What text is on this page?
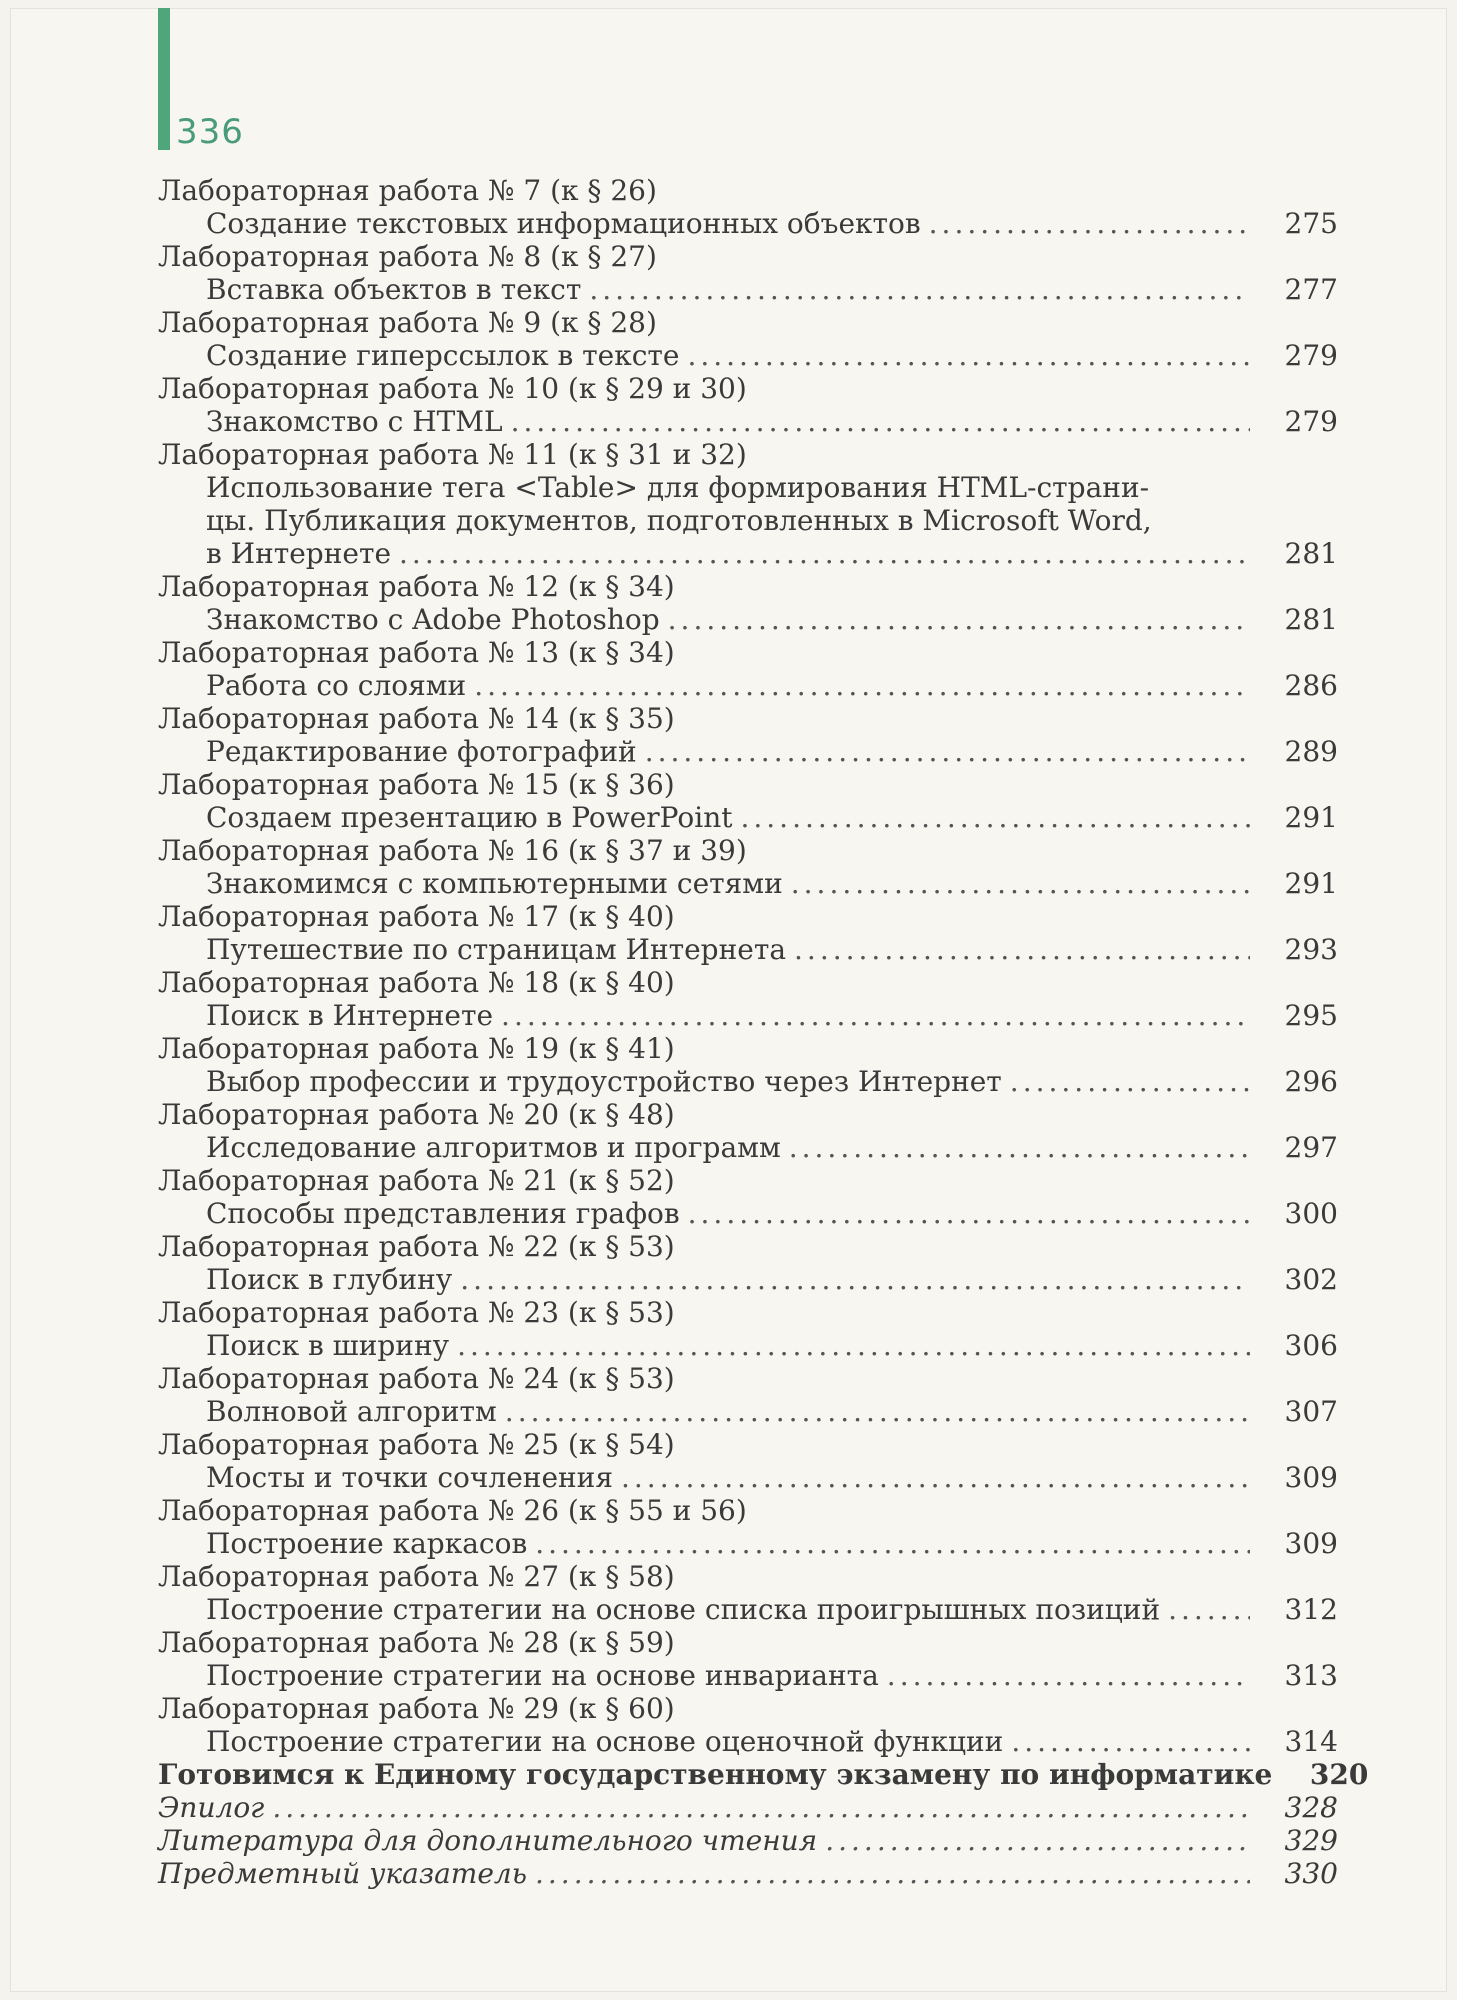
336
Лабораторная работа № 7 (к § 26)
Создание текстовых информационных объектов .....	275
Лабораторная работа № 8 (к § 27)
Вставка объектов в текст .....	277
Лабораторная работа № 9 (к § 28)
Создание гиперссылок в тексте .....	279
Лабораторная работа № 10 (к § 29 и 30)
Знакомство с HTML .....	279
Лабораторная работа № 11 (к § 31 и 32)
Использование тега <Table> для формирования HTML-страни-
цы. Публикация документов, подготовленных в Microsoft Word,
в Интернете .....	281
Лабораторная работа № 12 (к § 34)
Знакомство с Adobe Photoshop .....	281
Лабораторная работа № 13 (к § 34)
Работа со слоями .....	286
Лабораторная работа № 14 (к § 35)
Редактирование фотографий .....	289
Лабораторная работа № 15 (к § 36)
Создаем презентацию в PowerPoint .....	291
Лабораторная работа № 16 (к § 37 и 39)
Знакомимся с компьютерными сетями .....	291
Лабораторная работа № 17 (к § 40)
Путешествие по страницам Интернета .....	293
Лабораторная работа № 18 (к § 40)
Поиск в Интернете .....	295
Лабораторная работа № 19 (к § 41)
Выбор профессии и трудоустройство через Интернет .....	296
Лабораторная работа № 20 (к § 48)
Исследование алгоритмов и программ .....	297
Лабораторная работа № 21 (к § 52)
Способы представления графов .....	300
Лабораторная работа № 22 (к § 53)
Поиск в глубину .....	302
Лабораторная работа № 23 (к § 53)
Поиск в ширину .....	306
Лабораторная работа № 24 (к § 53)
Волновой алгоритм .....	307
Лабораторная работа № 25 (к § 54)
Мосты и точки сочленения .....	309
Лабораторная работа № 26 (к § 55 и 56)
Построение каркасов .....	309
Лабораторная работа № 27 (к § 58)
Построение стратегии на основе списка проигрышных позиций .....	312
Лабораторная работа № 28 (к § 59)
Построение стратегии на основе инварианта .....	313
Лабораторная работа № 29 (к § 60)
Построение стратегии на основе оценочной функции .....	314
Готовимся к Единому государственному экзамену по информатике	320
Эпилог .....	328
Литература для дополнительного чтения .....	329
Предметный указатель .....	330
